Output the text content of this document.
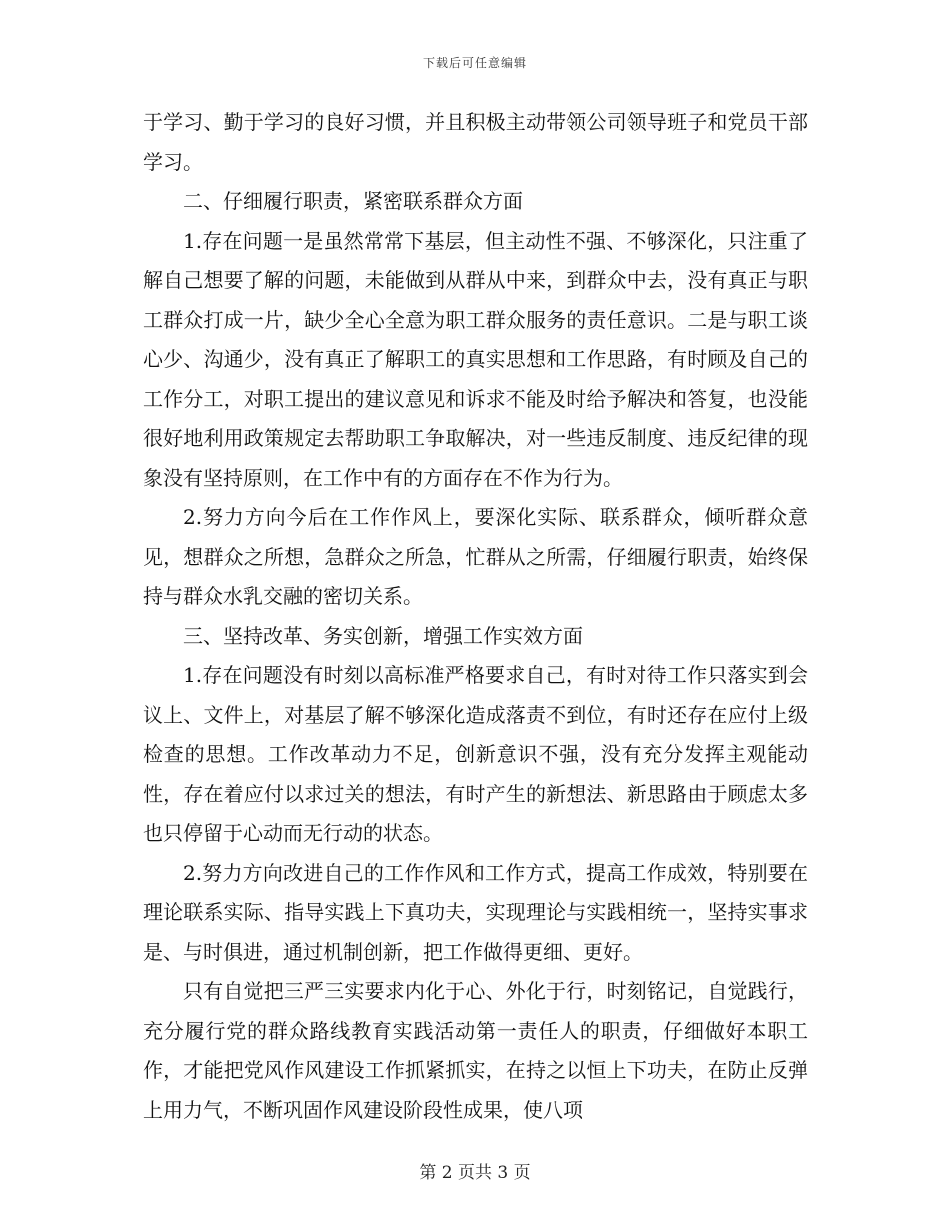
下载后可任意编辑

于学习、勤于学习的良好习惯，并且积极主动带领公司领导班子和党员干部学习。

二、仔细履行职责，紧密联系群众方面

1.存在问题一是虽然常常下基层，但主动性不强、不够深化，只注重了解自己想要了解的问题，未能做到从群从中来，到群众中去，没有真正与职工群众打成一片，缺少全心全意为职工群众服务的责任意识。二是与职工谈心少、沟通少，没有真正了解职工的真实思想和工作思路，有时顾及自己的工作分工，对职工提出的建议意见和诉求不能及时给予解决和答复，也没能很好地利用政策规定去帮助职工争取解决，对一些违反制度、违反纪律的现象没有坚持原则，在工作中有的方面存在不作为行为。

2.努力方向今后在工作作风上，要深化实际、联系群众，倾听群众意见，想群众之所想，急群众之所急，忙群从之所需，仔细履行职责，始终保持与群众水乳交融的密切关系。

三、坚持改革、务实创新，增强工作实效方面

1.存在问题没有时刻以高标准严格要求自己，有时对待工作只落实到会议上、文件上，对基层了解不够深化造成落责不到位，有时还存在应付上级检查的思想。工作改革动力不足，创新意识不强，没有充分发挥主观能动性，存在着应付以求过关的想法，有时产生的新想法、新思路由于顾虑太多也只停留于心动而无行动的状态。

2.努力方向改进自己的工作作风和工作方式，提高工作成效，特别要在理论联系实际、指导实践上下真功夫，实现理论与实践相统一，坚持实事求是、与时俱进，通过机制创新，把工作做得更细、更好。

只有自觉把三严三实要求内化于心、外化于行，时刻铭记，自觉践行，充分履行党的群众路线教育实践活动第一责任人的职责，仔细做好本职工作，才能把党风作风建设工作抓紧抓实，在持之以恒上下功夫，在防止反弹上用力气，不断巩固作风建设阶段性成果，使八项

第 2 页共 3 页
